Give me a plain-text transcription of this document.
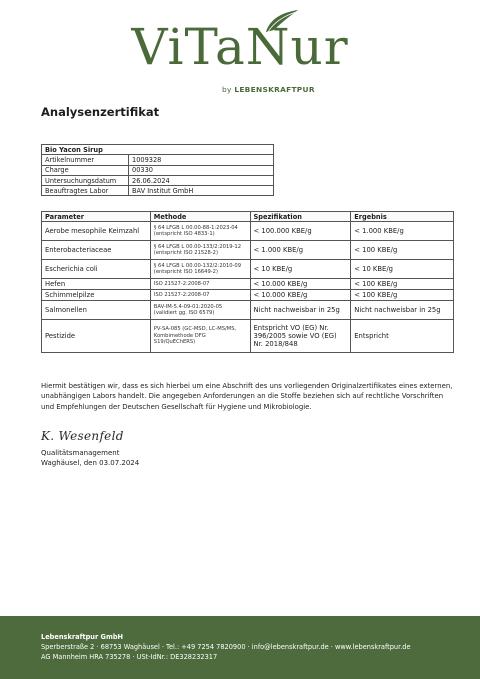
ViTaNur
by LEBENSKRAFTPUR
Analysenzertifikat
Bio Yacon Sirup	
Artikelnummer	1009328
Charge	00330
Untersuchungsdatum	26.06.2024
Beauftragtes Labor	BAV Institut GmbH
Parameter	Methode	Spezifikation	Ergebnis
Aerobe mesophile Keimzahl	§ 64 LFGB L 00.00-88-1:2023-04 (entspricht ISO 4833-1)	< 100.000 KBE/g	< 1.000 KBE/g
Enterobacteriaceae	§ 64 LFGB L 00.00-133/2:2019-12 (entspricht ISO 21528-2)	< 1.000 KBE/g	< 100 KBE/g
Escherichia coli	§ 64 LFGB L 00.00-132/2:2010-09 (entspricht ISO 16649-2)	< 10 KBE/g	< 10 KBE/g
Hefen	ISO 21527-2:2008-07	< 10.000 KBE/g	< 100 KBE/g
Schimmelpilze	ISO 21527-2:2008-07	< 10.000 KBE/g	< 100 KBE/g
Salmonellen	BAV-IM-5.4-09-01:2020-05 (validiert gg. ISO 6579)	Nicht nachweisbar in 25g	Nicht nachweisbar in 25g
Pestizide	PV-SA-085 (GC-MSD, LC-MS/MS, Kombimethode DFG S19/QuEChERS)	Entspricht VO (EG) Nr. 396/2005 sowie VO (EG) Nr. 2018/848	Entspricht
Hiermit bestätigen wir, dass es sich hierbei um eine Abschrift des uns vorliegenden Originalzertifikates eines externen, unabhängigen Labors handelt. Die angegeben Anforderungen an die Stoffe beziehen sich auf rechtliche Vorschriften und Empfehlungen der Deutschen Gesellschaft für Hygiene und Mikrobiologie.
K. Wesenfeld
Qualitätsmanagement
Waghäusel, den 03.07.2024
Lebenskraftpur GmbH
Sperberstraße 2 · 68753 Waghäusel · Tel.: +49 7254 7820900 · info@lebenskraftpur.de · www.lebenskraftpur.de
AG Mannheim HRA 735278 · USt-IdNr.: DE328232317
